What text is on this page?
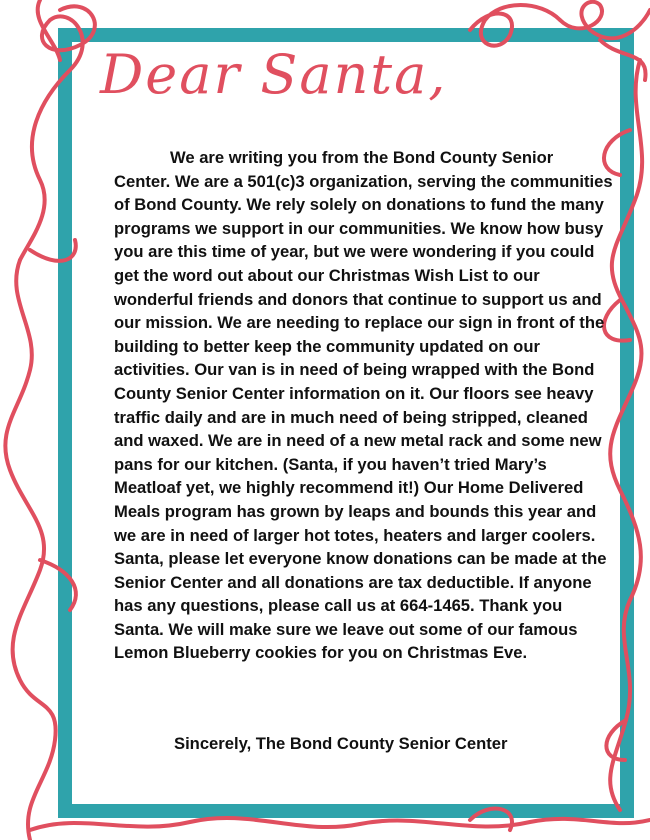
Dear Santa,

We are writing you from the Bond County Senior Center. We are a 501(c)3 organization, serving the communities of Bond County. We rely solely on donations to fund the many programs we support in our communities. We know how busy you are this time of year, but we were wondering if you could get the word out about our Christmas Wish List to our wonderful friends and donors that continue to support us and our mission. We are needing to replace our sign in front of the building to better keep the community updated on our activities. Our van is in need of being wrapped with the Bond County Senior Center information on it. Our floors see heavy traffic daily and are in much need of being stripped, cleaned and waxed. We are in need of a new metal rack and some new pans for our kitchen. (Santa, if you haven’t tried Mary’s Meatloaf yet, we highly recommend it!) Our Home Delivered Meals program has grown by leaps and bounds this year and we are in need of larger hot totes, heaters and larger coolers. Santa, please let everyone know donations can be made at the Senior Center and all donations are tax deductible. If anyone has any questions, please call us at 664-1465. Thank you Santa. We will make sure we leave out some of our famous Lemon Blueberry cookies for you on Christmas Eve.

Sincerely, The Bond County Senior Center
